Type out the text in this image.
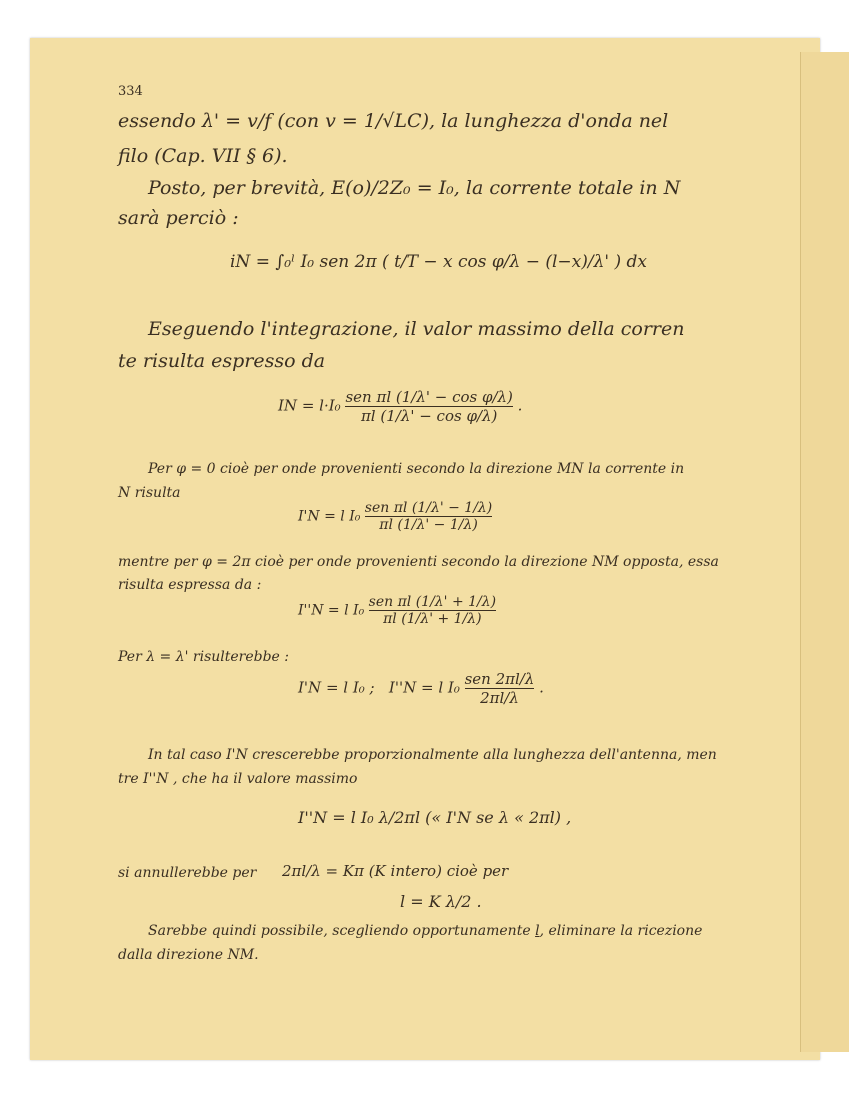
334
essendo λ' = v/f (con v = 1/√LC), la lunghezza d'onda nel
filo (Cap. VII § 6).
Posto, per brevità, E(o)/2Z₀ = I₀, la corrente totale in N
sarà perciò :
iN = ∫₀ˡ I₀ sen 2π ( t/T − x cos φ/λ − (l−x)/λ' ) dx
Eseguendo l'integrazione, il valor massimo della corren
te risulta espresso da
IN = $l\cdot I_0 \frac{\text{sen πl (1/λ' − cos φ/λ)}}{\text{πl (1/λ' − cos φ/λ)}}$ .
Per φ = 0 cioè per onde provenienti secondo la direzione MN la corrente in
N risulta
I'N = l $I_0 \frac{\text{sen πl (1/λ' − 1/λ)}}{\pi l (1/\lambda' - 1/\lambda)}$
mentre per φ = 2π cioè per onde provenienti secondo la direzione NM opposta, essa
risulta espressa da :
I''N = l $I_0 \frac{\text{sen πl (1/λ' + 1/λ)}}{\pi l (1/\lambda' + 1/\lambda)}$
Per λ = λ' risulterebbe :
I'N = l I₀ ; I''N = l $I_0 \frac{\text{sen 2πl/λ}}{2\pi l/\lambda}$ .
In tal caso I'N crescerebbe proporzionalmente alla lunghezza dell'antenna, men
tre I''N , che ha il valore massimo
I''N = l I₀ λ/2πl (« I'N se λ « 2πl) ,
si annullerebbe per 2πl/λ = Kπ (K intero) cioè per
l = K λ/2 .
Sarebbe quindi possibile, scegliendo opportunamente l, eliminare la ricezione
dalla direzione NM.
